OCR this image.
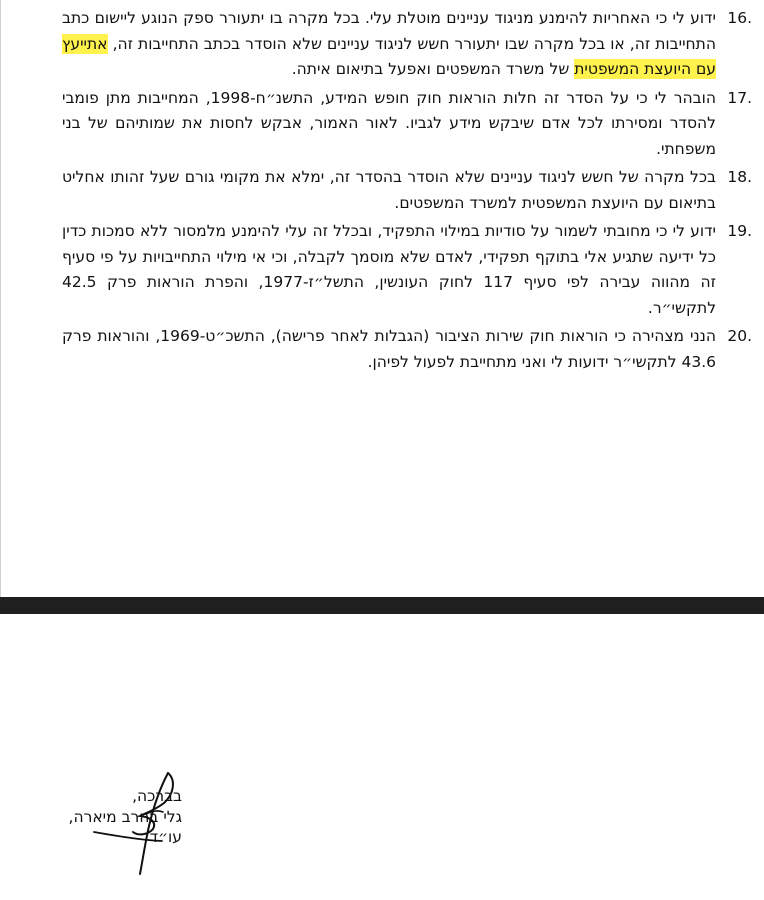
16.
ידוע לי כי האחריות להימנע מניגוד עניינים מוטלת עלי. בכל מקרה בו יתעורר ספק הנוגע ליישום כתב התחייבות זה, או בכל מקרה שבו יתעורר חשש לניגוד עניינים שלא הוסדר בכתב התחייבות זה, אתייעץ עם היועצת המשפטית של משרד המשפטים ואפעל בתיאום איתה.
17.
הובהר לי כי על הסדר זה חלות הוראות חוק חופש המידע, התשנ״ח-1998, המחייבות מתן פומבי להסדר ומסירתו לכל אדם שיבקש מידע לגביו. לאור האמור, אבקש לחסות את שמותיהם של בני משפחתי.
18.
בכל מקרה של חשש לניגוד עניינים שלא הוסדר בהסדר זה, ימלא את מקומי גורם שעל זהותו אחליט בתיאום עם היועצת המשפטית למשרד המשפטים.
19.
ידוע לי כי מחובתי לשמור על סודיות במילוי התפקיד, ובכלל זה עלי להימנע מלמסור ללא סמכות כדין כל ידיעה שתגיע אלי בתוקף תפקידי, לאדם שלא מוסמך לקבלה, וכי אי מילוי התחייבויות על פי סעיף זה מהווה עבירה לפי סעיף 117 לחוק העונשין, התשל״ז-1977, והפרת הוראות פרק 42.5 לתקשי״ר.
20.
הנני מצהירה כי הוראות חוק שירות הציבור (הגבלות לאחר פרישה), התשכ״ט-1969, והוראות פרק 43.6 לתקשי״ר ידועות לי ואני מתחייבת לפעול לפיהן.
בברכה,
גלי בהרב מיארה,
עו״ד
